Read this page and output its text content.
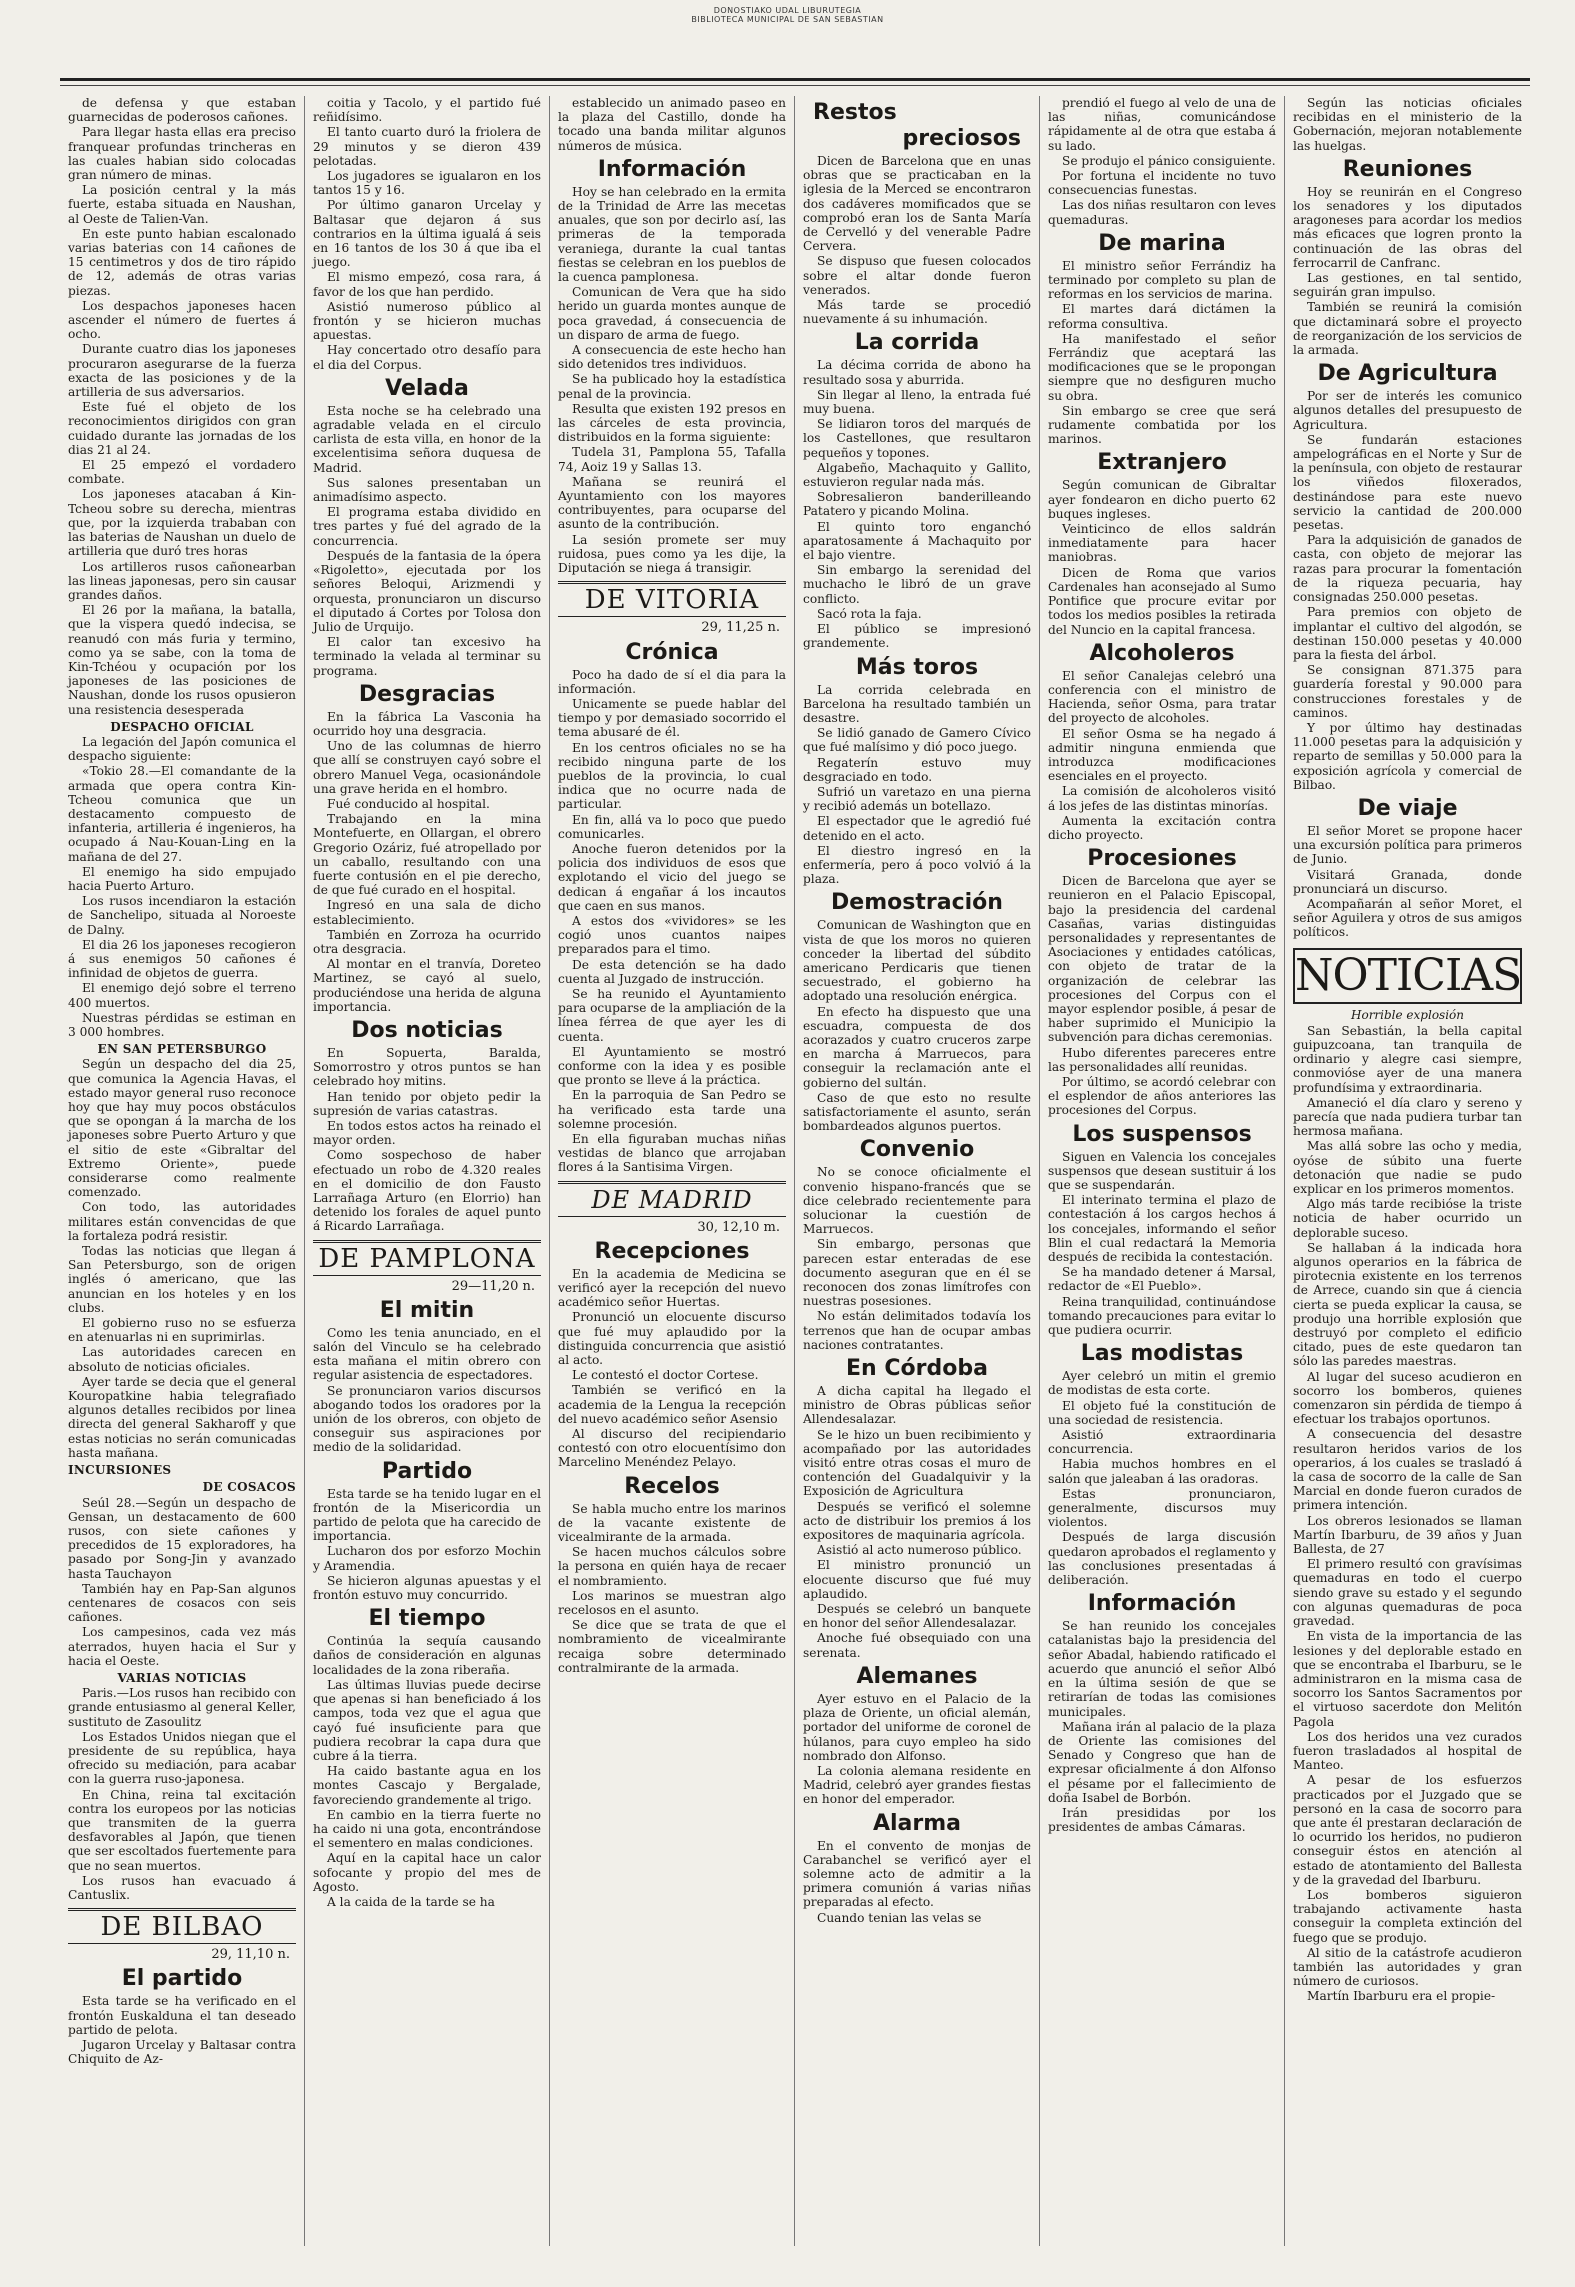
DONOSTIAKO UDAL LIBURUTEGIA
BIBLIOTECA MUNICIPAL DE SAN SEBASTIAN

de defensa y que estaban guarnecidas de poderosos cañones.

Para llegar hasta ellas era preciso franquear profundas trincheras en las cuales habian sido colocadas gran número de minas.

La posición central y la más fuerte, estaba situada en Naushan, al Oeste de Talien-Van.

En este punto habian escalonado varias baterias con 14 cañones de 15 centimetros y dos de tiro rápido de 12, además de otras varias piezas.

Los despachos japoneses hacen ascender el número de fuertes á ocho.

Durante cuatro dias los japoneses procuraron asegurarse de la fuerza exacta de las posiciones y de la artilleria de sus adversarios.

Este fué el objeto de los reconocimientos dirigidos con gran cuidado durante las jornadas de los dias 21 al 24.

El 25 empezó el vordadero combate.

Los japoneses atacaban á Kin-Tcheou sobre su derecha, mientras que, por la izquierda trababan con las baterias de Naushan un duelo de artilleria que duró tres horas

Los artilleros rusos cañonearban las lineas japonesas, pero sin causar grandes daños.

El 26 por la mañana, la batalla, que la vispera quedó indecisa, se reanudó con más furia y termino, como ya se sabe, con la toma de Kin-Tchéou y ocupación por los japoneses de las posiciones de Naushan, donde los rusos opusieron una resistencia desesperada

DESPACHO OFICIAL

La legación del Japón comunica el despacho siguiente:

«Tokio 28.—El comandante de la armada que opera contra Kin-Tcheou comunica que un destacamento compuesto de infanteria, artilleria é ingenieros, ha ocupado á Nau-Kouan-Ling en la mañana de del 27.

El enemigo ha sido empujado hacia Puerto Arturo.

Los rusos incendiaron la estación de Sanchelipo, situada al Noroeste de Dalny.

El dia 26 los japoneses recogieron á sus enemigos 50 cañones é infinidad de objetos de guerra.

El enemigo dejó sobre el terreno 400 muertos.

Nuestras pérdidas se estiman en 3 000 hombres.

EN SAN PETERSBURGO

Según un despacho del dia 25, que comunica la Agencia Havas, el estado mayor general ruso reconoce hoy que hay muy pocos obstáculos que se opongan á la marcha de los japoneses sobre Puerto Arturo y que el sitio de este «Gibraltar del Extremo Oriente», puede considerarse como realmente comenzado.

Con todo, las autoridades militares están convencidas de que la fortaleza podrá resistir.

Todas las noticias que llegan á San Petersburgo, son de origen inglés ó americano, que las anuncian en los hoteles y en los clubs.

El gobierno ruso no se esfuerza en atenuarlas ni en suprimirlas.

Las autoridades carecen en absoluto de noticias oficiales.

Ayer tarde se decia que el general Kouropatkine habia telegrafiado algunos detalles recibidos por linea directa del general Sakharoff y que estas noticias no serán comunicadas hasta mañana.

INCURSIONES
DE COSACOS

Seúl 28.—Según un despacho de Gensan, un destacamento de 600 rusos, con siete cañones y precedidos de 15 exploradores, ha pasado por Song-Jin y avanzado hasta Tauchayon

También hay en Pap-San algunos centenares de cosacos con seis cañones.

Los campesinos, cada vez más aterrados, huyen hacia el Sur y hacia el Oeste.

VARIAS NOTICIAS

Paris.—Los rusos han recibido con grande entusiasmo al general Keller, sustituto de Zasoulitz

Los Estados Unidos niegan que el presidente de su república, haya ofrecido su mediación, para acabar con la guerra ruso-japonesa.

En China, reina tal excitación contra los europeos por las noticias que transmiten de la guerra desfavorables al Japón, que tienen que ser escoltados fuertemente para que no sean muertos.

Los rusos han evacuado á Cantuslix.

DE BILBAO
29, 11,10 n.
El partido

Esta tarde se ha verificado en el frontón Euskalduna el tan deseado partido de pelota.

Jugaron Urcelay y Baltasar contra Chiquito de Az-

coitia y Tacolo, y el partido fué reñidísimo.

El tanto cuarto duró la friolera de 29 minutos y se dieron 439 pelotadas.

Los jugadores se igualaron en los tantos 15 y 16.

Por último ganaron Urcelay y Baltasar que dejaron á sus contrarios en la última igualá á seis en 16 tantos de los 30 á que iba el juego.

El mismo empezó, cosa rara, á favor de los que han perdido.

Asistió numeroso público al frontón y se hicieron muchas apuestas.

Hay concertado otro desafío para el dia del Corpus.

Velada

Esta noche se ha celebrado una agradable velada en el circulo carlista de esta villa, en honor de la excelentisima señora duquesa de Madrid.

Sus salones presentaban un animadísimo aspecto.

El programa estaba dividido en tres partes y fué del agrado de la concurrencia.

Después de la fantasia de la ópera «Rigoletto», ejecutada por los señores Beloqui, Arizmendi y orquesta, pronunciaron un discurso el diputado á Cortes por Tolosa don Julio de Urquijo.

El calor tan excesivo ha terminado la velada al terminar su programa.

Desgracias

En la fábrica La Vasconia ha ocurrido hoy una desgracia.

Uno de las columnas de hierro que allí se construyen cayó sobre el obrero Manuel Vega, ocasionándole una grave herida en el hombro.

Fué conducido al hospital.

Trabajando en la mina Montefuerte, en Ollargan, el obrero Gregorio Ozáriz, fué atropellado por un caballo, resultando con una fuerte contusión en el pie derecho, de que fué curado en el hospital.

Ingresó en una sala de dicho establecimiento.

También en Zorroza ha ocurrido otra desgracia.

Al montar en el tranvía, Doreteo Martinez, se cayó al suelo, produciéndose una herida de alguna importancia.

Dos noticias

En Sopuerta, Baralda, Somorrostro y otros puntos se han celebrado hoy mitins.

Han tenido por objeto pedir la supresión de varias catastras.

En todos estos actos ha reinado el mayor orden.

Como sospechoso de haber efectuado un robo de 4.320 reales en el domicilio de don Fausto Larrañaga Arturo (en Elorrio) han detenido los forales de aquel punto á Ricardo Larrañaga.

DE PAMPLONA
29—11,20 n.
El mitin

Como les tenia anunciado, en el salón del Vinculo se ha celebrado esta mañana el mitin obrero con regular asistencia de espectadores.

Se pronunciaron varios discursos abogando todos los oradores por la unión de los obreros, con objeto de conseguir sus aspiraciones por medio de la solidaridad.

Partido

Esta tarde se ha tenido lugar en el frontón de la Misericordia un partido de pelota que ha carecido de importancia.

Lucharon dos por esforzo Mochin y Aramendia.

Se hicieron algunas apuestas y el frontón estuvo muy concurrido.

El tiempo

Continúa la sequía causando daños de consideración en algunas localidades de la zona riberaña.

Las últimas lluvias puede decirse que apenas si han beneficiado á los campos, toda vez que el agua que cayó fué insuficiente para que pudiera recobrar la capa dura que cubre á la tierra.

Ha caido bastante agua en los montes Cascajo y Bergalade, favoreciendo grandemente al trigo.

En cambio en la tierra fuerte no ha caido ni una gota, encontrándose el sementero en malas condiciones.

Aquí en la capital hace un calor sofocante y propio del mes de Agosto.

A la caida de la tarde se ha

establecido un animado paseo en la plaza del Castillo, donde ha tocado una banda militar algunos números de música.

Información

Hoy se han celebrado en la ermita de la Trinidad de Arre las mecetas anuales, que son por decirlo así, las primeras de la temporada veraniega, durante la cual tantas fiestas se celebran en los pueblos de la cuenca pamplonesa.

Comunican de Vera que ha sido herido un guarda montes aunque de poca gravedad, á consecuencia de un disparo de arma de fuego.

A consecuencia de este hecho han sido detenidos tres individuos.

Se ha publicado hoy la estadística penal de la provincia.

Resulta que existen 192 presos en las cárceles de esta provincia, distribuidos en la forma siguiente:

Tudela 31, Pamplona 55, Tafalla 74, Aoiz 19 y Sallas 13.

Mañana se reunirá el Ayuntamiento con los mayores contribuyentes, para ocuparse del asunto de la contribución.

La sesión promete ser muy ruidosa, pues como ya les dije, la Diputación se niega á transigir.

DE VITORIA
29, 11,25 n.
Crónica

Poco ha dado de sí el dia para la información.

Unicamente se puede hablar del tiempo y por demasiado socorrido el tema abusaré de él.

En los centros oficiales no se ha recibido ninguna parte de los pueblos de la provincia, lo cual indica que no ocurre nada de particular.

En fin, allá va lo poco que puedo comunicarles.

Anoche fueron detenidos por la policia dos individuos de esos que explotando el vicio del juego se dedican á engañar á los incautos que caen en sus manos.

A estos dos «vividores» se les cogió unos cuantos naipes preparados para el timo.

De esta detención se ha dado cuenta al Juzgado de instrucción.

Se ha reunido el Ayuntamiento para ocuparse de la ampliación de la línea férrea de que ayer les di cuenta.

El Ayuntamiento se mostró conforme con la idea y es posible que pronto se lleve á la práctica.

En la parroquia de San Pedro se ha verificado esta tarde una solemne procesión.

En ella figuraban muchas niñas vestidas de blanco que arrojaban flores á la Santisima Virgen.

DE MADRID
30, 12,10 m.
Recepciones

En la academia de Medicina se verificó ayer la recepción del nuevo académico señor Huertas.

Pronunció un elocuente discurso que fué muy aplaudido por la distinguida concurrencia que asistió al acto.

Le contestó el doctor Cortese.

También se verificó en la academia de la Lengua la recepción del nuevo académico señor Asensio

Al discurso del recipiendario contestó con otro elocuentísimo don Marcelino Menéndez Pelayo.

Recelos

Se habla mucho entre los marinos de la vacante existente de vicealmirante de la armada.

Se hacen muchos cálculos sobre la persona en quién haya de recaer el nombramiento.

Los marinos se muestran algo recelosos en el asunto.

Se dice que se trata de que el nombramiento de vicealmirante recaiga sobre determinado contralmirante de la armada.

Restos
preciosos

Dicen de Barcelona que en unas obras que se practicaban en la iglesia de la Merced se encontraron dos cadáveres momificados que se comprobó eran los de Santa María de Cervelló y del venerable Padre Cervera.

Se dispuso que fuesen colocados sobre el altar donde fueron venerados.

Más tarde se procedió nuevamente á su inhumación.

La corrida

La décima corrida de abono ha resultado sosa y aburrida.

Sin llegar al lleno, la entrada fué muy buena.

Se lidiaron toros del marqués de los Castellones, que resultaron pequeños y topones.

Algabeño, Machaquito y Gallito, estuvieron regular nada más.

Sobresalieron banderilleando Patatero y picando Molina.

El quinto toro enganchó aparatosamente á Machaquito por el bajo vientre.

Sin embargo la serenidad del muchacho le libró de un grave conflicto.

Sacó rota la faja.

El público se impresionó grandemente.

Más toros

La corrida celebrada en Barcelona ha resultado también un desastre.

Se lidió ganado de Gamero Cívico que fué malísimo y dió poco juego.

Regaterín estuvo muy desgraciado en todo.

Sufrió un varetazo en una pierna y recibió además un botellazo.

El espectador que le agredió fué detenido en el acto.

El diestro ingresó en la enfermería, pero á poco volvió á la plaza.

Demostración

Comunican de Washington que en vista de que los moros no quieren conceder la libertad del súbdito americano Perdicaris que tienen secuestrado, el gobierno ha adoptado una resolución enérgica.

En efecto ha dispuesto que una escuadra, compuesta de dos acorazados y cuatro cruceros zarpe en marcha á Marruecos, para conseguir la reclamación ante el gobierno del sultán.

Caso de que esto no resulte satisfactoriamente el asunto, serán bombardeados algunos puertos.

Convenio

No se conoce oficialmente el convenio hispano-francés que se dice celebrado recientemente para solucionar la cuestión de Marruecos.

Sin embargo, personas que parecen estar enteradas de ese documento aseguran que en él se reconocen dos zonas limítrofes con nuestras posesiones.

No están delimitados todavía los terrenos que han de ocupar ambas naciones contratantes.

En Córdoba

A dicha capital ha llegado el ministro de Obras públicas señor Allendesalazar.

Se le hizo un buen recibimiento y acompañado por las autoridades visitó entre otras cosas el muro de contención del Guadalquivir y la Exposición de Agricultura

Después se verificó el solemne acto de distribuir los premios á los expositores de maquinaria agrícola.

Asistió al acto numeroso público.

El ministro pronunció un elocuente discurso que fué muy aplaudido.

Después se celebró un banquete en honor del señor Allendesalazar.

Anoche fué obsequiado con una serenata.

Alemanes

Ayer estuvo en el Palacio de la plaza de Oriente, un oficial alemán, portador del uniforme de coronel de húlanos, para cuyo empleo ha sido nombrado don Alfonso.

La colonia alemana residente en Madrid, celebró ayer grandes fiestas en honor del emperador.

Alarma

En el convento de monjas de Carabanchel se verificó ayer el solemne acto de admitir a la primera comunión á varias niñas preparadas al efecto.

Cuando tenian las velas se

prendió el fuego al velo de una de las niñas, comunicándose rápidamente al de otra que estaba á su lado.

Se produjo el pánico consiguiente.

Por fortuna el incidente no tuvo consecuencias funestas.

Las dos niñas resultaron con leves quemaduras.

De marina

El ministro señor Ferrándiz ha terminado por completo su plan de reformas en los servicios de marina.

El martes dará dictámen la reforma consultiva.

Ha manifestado el señor Ferrándiz que aceptará las modificaciones que se le propongan siempre que no desfiguren mucho su obra.

Sin embargo se cree que será rudamente combatida por los marinos.

Extranjero

Según comunican de Gibraltar ayer fondearon en dicho puerto 62 buques ingleses.

Veinticinco de ellos saldrán inmediatamente para hacer maniobras.

Dicen de Roma que varios Cardenales han aconsejado al Sumo Pontifice que procure evitar por todos los medios posibles la retirada del Nuncio en la capital francesa.

Alcoholeros

El señor Canalejas celebró una conferencia con el ministro de Hacienda, señor Osma, para tratar del proyecto de alcoholes.

El señor Osma se ha negado á admitir ninguna enmienda que introduzca modificaciones esenciales en el proyecto.

La comisión de alcoholeros visitó á los jefes de las distintas minorías.

Aumenta la excitación contra dicho proyecto.

Procesiones

Dicen de Barcelona que ayer se reunieron en el Palacio Episcopal, bajo la presidencia del cardenal Casañas, varias distinguidas personalidades y representantes de Asociaciones y entidades católicas, con objeto de tratar de la organización de celebrar las procesiones del Corpus con el mayor esplendor posible, á pesar de haber suprimido el Municipio la subvención para dichas ceremonias.

Hubo diferentes pareceres entre las personalidades allí reunidas.

Por último, se acordó celebrar con el esplendor de años anteriores las procesiones del Corpus.

Los suspensos

Siguen en Valencia los concejales suspensos que desean sustituir á los que se suspendarán.

El interinato termina el plazo de contestación á los cargos hechos á los concejales, informando el señor Blin el cual redactará la Memoria después de recibida la contestación.

Se ha mandado detener á Marsal, redactor de «El Pueblo».

Reina tranquilidad, continuándose tomando precauciones para evitar lo que pudiera ocurrir.

Las modistas

Ayer celebró un mitin el gremio de modistas de esta corte.

El objeto fué la constitución de una sociedad de resistencia.

Asistió extraordinaria concurrencia.

Habia muchos hombres en el salón que jaleaban á las oradoras.

Estas pronunciaron, generalmente, discursos muy violentos.

Después de larga discusión quedaron aprobados el reglamento y las conclusiones presentadas á deliberación.

Información

Se han reunido los concejales catalanistas bajo la presidencia del señor Abadal, habiendo ratificado el acuerdo que anunció el señor Albó en la última sesión de que se retirarían de todas las comisiones municipales.

Mañana irán al palacio de la plaza de Oriente las comisiones del Senado y Congreso que han de expresar oficialmente á don Alfonso el pésame por el fallecimiento de doña Isabel de Borbón.

Irán presididas por los presidentes de ambas Cámaras.

Según las noticias oficiales recibidas en el ministerio de la Gobernación, mejoran notablemente las huelgas.

Reuniones

Hoy se reunirán en el Congreso los senadores y los diputados aragoneses para acordar los medios más eficaces que logren pronto la continuación de las obras del ferrocarril de Canfranc.

Las gestiones, en tal sentido, seguirán gran impulso.

También se reunirá la comisión que dictaminará sobre el proyecto de reorganización de los servicios de la armada.

De Agricultura

Por ser de interés les comunico algunos detalles del presupuesto de Agricultura.

Se fundarán estaciones ampelográficas en el Norte y Sur de la península, con objeto de restaurar los viñedos filoxerados, destinándose para este nuevo servicio la cantidad de 200.000 pesetas.

Para la adquisición de ganados de casta, con objeto de mejorar las razas para procurar la fomentación de la riqueza pecuaria, hay consignadas 250.000 pesetas.

Para premios con objeto de implantar el cultivo del algodón, se destinan 150.000 pesetas y 40.000 para la fiesta del árbol.

Se consignan 871.375 para guardería forestal y 90.000 para construcciones forestales y de caminos.

Y por último hay destinadas 11.000 pesetas para la adquisición y reparto de semillas y 50.000 para la exposición agrícola y comercial de Bilbao.

De viaje

El señor Moret se propone hacer una excursión política para primeros de Junio.

Visitará Granada, donde pronunciará un discurso.

Acompañarán al señor Moret, el señor Aguilera y otros de sus amigos políticos.

NOTICIAS
Horrible explosión

San Sebastián, la bella capital guipuzcoana, tan tranquila de ordinario y alegre casi siempre, conmovióse ayer de una manera profundísima y extraordinaria.

Amaneció el día claro y sereno y parecía que nada pudiera turbar tan hermosa mañana.

Mas allá sobre las ocho y media, oyóse de súbito una fuerte detonación que nadie se pudo explicar en los primeros momentos.

Algo más tarde recibióse la triste noticia de haber ocurrido un deplorable suceso.

Se hallaban á la indicada hora algunos operarios en la fábrica de pirotecnia existente en los terrenos de Arrece, cuando sin que á ciencia cierta se pueda explicar la causa, se produjo una horrible explosión que destruyó por completo el edificio citado, pues de este quedaron tan sólo las paredes maestras.

Al lugar del suceso acudieron en socorro los bomberos, quienes comenzaron sin pérdida de tiempo á efectuar los trabajos oportunos.

A consecuencia del desastre resultaron heridos varios de los operarios, á los cuales se trasladó á la casa de socorro de la calle de San Marcial en donde fueron curados de primera intención.

Los obreros lesionados se llaman Martín Ibarburu, de 39 años y Juan Ballesta, de 27

El primero resultó con gravísimas quemaduras en todo el cuerpo siendo grave su estado y el segundo con algunas quemaduras de poca gravedad.

En vista de la importancia de las lesiones y del deplorable estado en que se encontraba el Ibarburu, se le administraron en la misma casa de socorro los Santos Sacramentos por el virtuoso sacerdote don Melitón Pagola

Los dos heridos una vez curados fueron trasladados al hospital de Manteo.

A pesar de los esfuerzos practicados por el Juzgado que se personó en la casa de socorro para que ante él prestaran declaración de lo ocurrido los heridos, no pudieron conseguir éstos en atención al estado de atontamiento del Ballesta y de la gravedad del Ibarburu.

Los bomberos siguieron trabajando activamente hasta conseguir la completa extinción del fuego que se produjo.

Al sitio de la catástrofe acudieron también las autoridades y gran número de curiosos.

Martín Ibarburu era el propie-
